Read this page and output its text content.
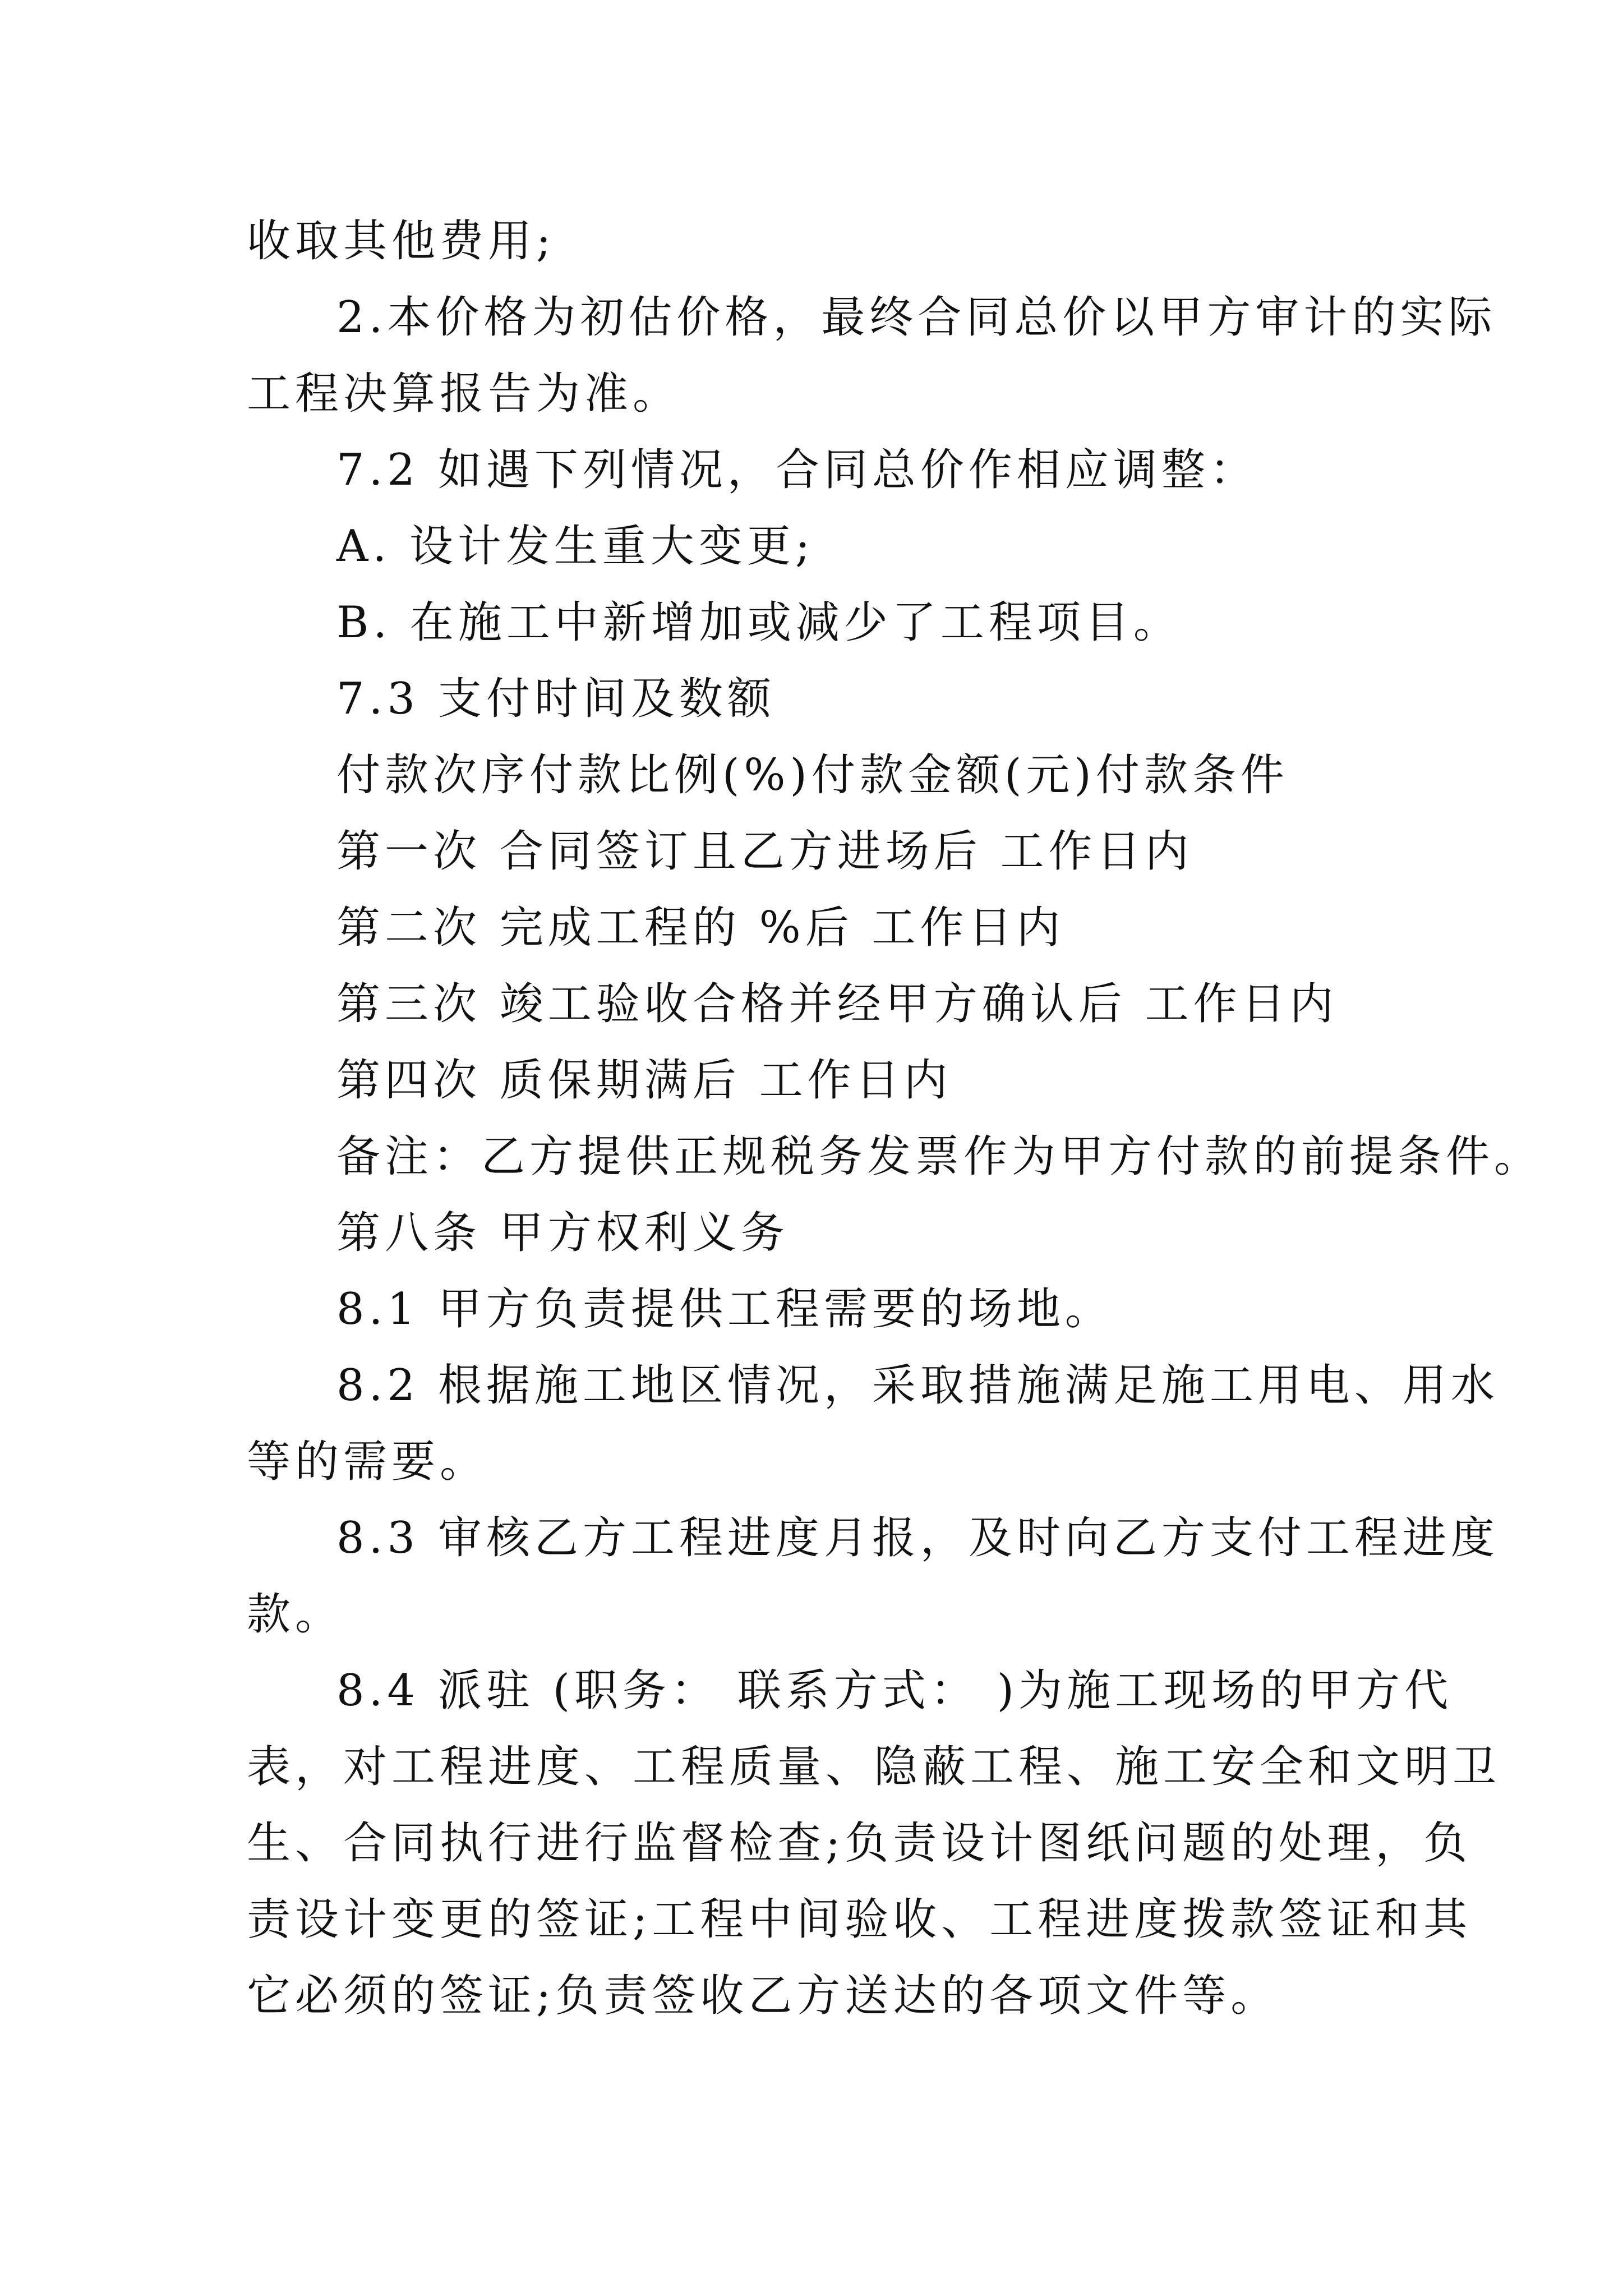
收取其他费用;
2.本价格为初估价格，最终合同总价以甲方审计的实际
工程决算报告为准。
7.2 如遇下列情况，合同总价作相应调整：
A. 设计发生重大变更;
B. 在施工中新增加或减少了工程项目。
7.3 支付时间及数额
付款次序付款比例(%)付款金额(元)付款条件
第一次 合同签订且乙方进场后 工作日内
第二次 完成工程的 %后 工作日内
第三次 竣工验收合格并经甲方确认后 工作日内
第四次 质保期满后 工作日内
备注：乙方提供正规税务发票作为甲方付款的前提条件。
第八条 甲方权利义务
8.1 甲方负责提供工程需要的场地。
8.2 根据施工地区情况，采取措施满足施工用电、用水
等的需要。
8.3 审核乙方工程进度月报，及时向乙方支付工程进度
款。
8.4 派驻 (职务： 联系方式： )为施工现场的甲方代
表，对工程进度、工程质量、隐蔽工程、施工安全和文明卫
生、合同执行进行监督检查;负责设计图纸问题的处理，负
责设计变更的签证;工程中间验收、工程进度拨款签证和其
它必须的签证;负责签收乙方送达的各项文件等。
